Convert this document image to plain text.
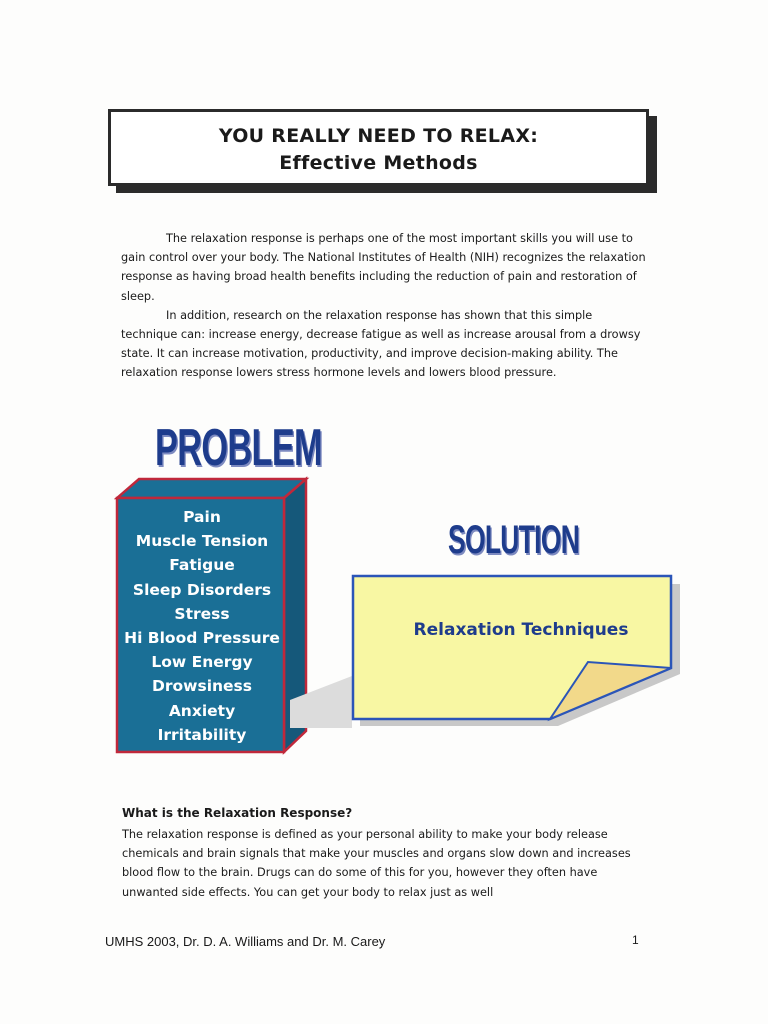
YOU REALLY NEED TO RELAX:
Effective Methods

The relaxation response is perhaps one of the most important skills you will use to gain control over your body. The National Institutes of Health (NIH) recognizes the relaxation response as having broad health benefits including the reduction of pain and restoration of sleep.

In addition, research on the relaxation response has shown that this simple technique can: increase energy, decrease fatigue as well as increase arousal from a drowsy state. It can increase motivation, productivity, and improve decision-making ability. The relaxation response lowers stress hormone levels and lowers blood pressure.

PROBLEM
Pain
Muscle Tension
Fatigue
Sleep Disorders
Stress
Hi Blood Pressure
Low Energy
Drowsiness
Anxiety
Irritability
SOLUTION
Relaxation Techniques
What is the Relaxation Response?

The relaxation response is defined as your personal ability to make your body release chemicals and brain signals that make your muscles and organs slow down and increases blood flow to the brain. Drugs can do some of this for you, however they often have unwanted side effects. You can get your body to relax just as well

UMHS 2003, Dr. D. A. Williams and Dr. M. Carey	1
